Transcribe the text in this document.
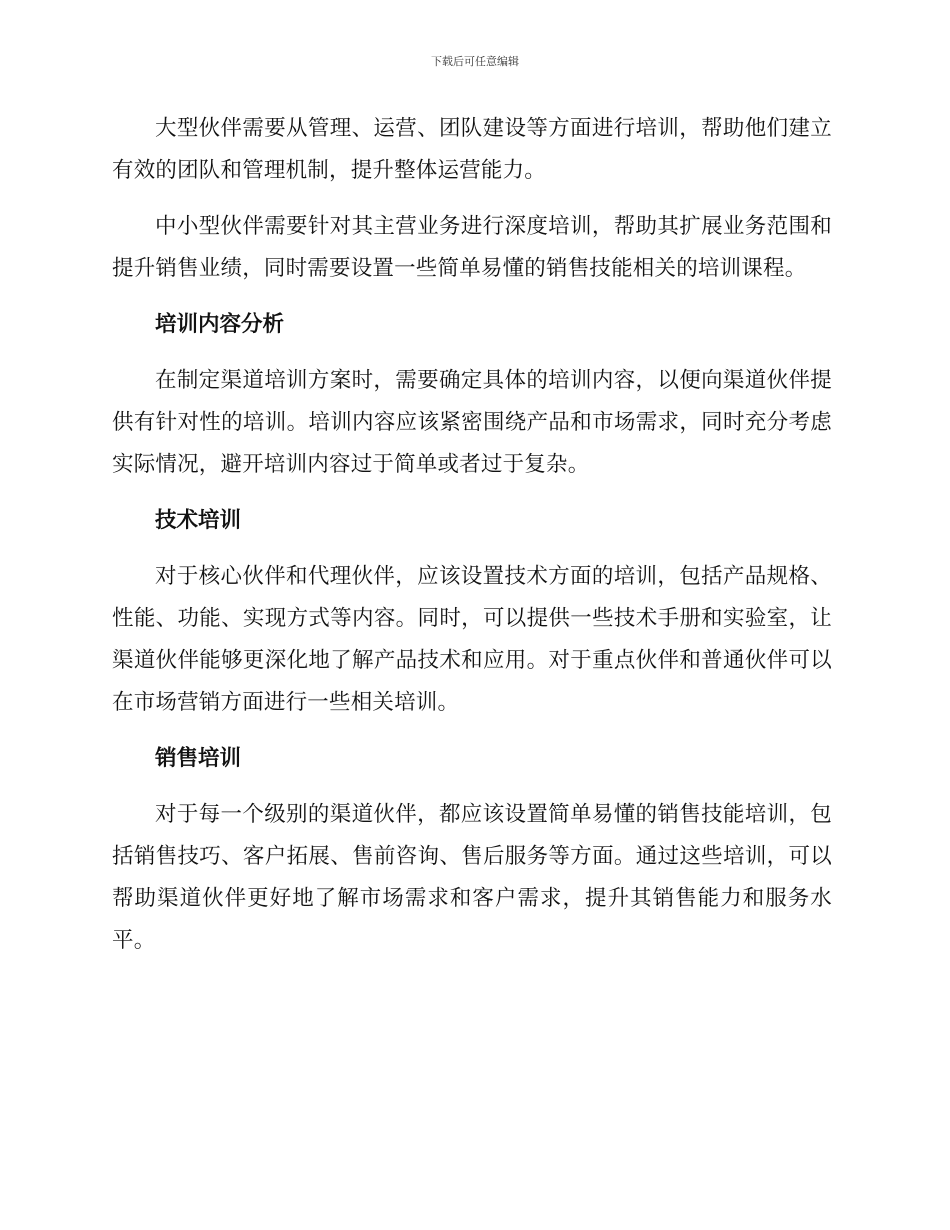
下载后可任意编辑

大型伙伴需要从管理、运营、团队建设等方面进行培训，帮助他们建立有效的团队和管理机制，提升整体运营能力。

中小型伙伴需要针对其主营业务进行深度培训，帮助其扩展业务范围和提升销售业绩，同时需要设置一些简单易懂的销售技能相关的培训课程。

培训内容分析

在制定渠道培训方案时，需要确定具体的培训内容，以便向渠道伙伴提供有针对性的培训。培训内容应该紧密围绕产品和市场需求，同时充分考虑实际情况，避开培训内容过于简单或者过于复杂。

技术培训

对于核心伙伴和代理伙伴，应该设置技术方面的培训，包括产品规格、性能、功能、实现方式等内容。同时，可以提供一些技术手册和实验室，让渠道伙伴能够更深化地了解产品技术和应用。对于重点伙伴和普通伙伴可以在市场营销方面进行一些相关培训。

销售培训

对于每一个级别的渠道伙伴，都应该设置简单易懂的销售技能培训，包括销售技巧、客户拓展、售前咨询、售后服务等方面。通过这些培训，可以帮助渠道伙伴更好地了解市场需求和客户需求，提升其销售能力和服务水平。
